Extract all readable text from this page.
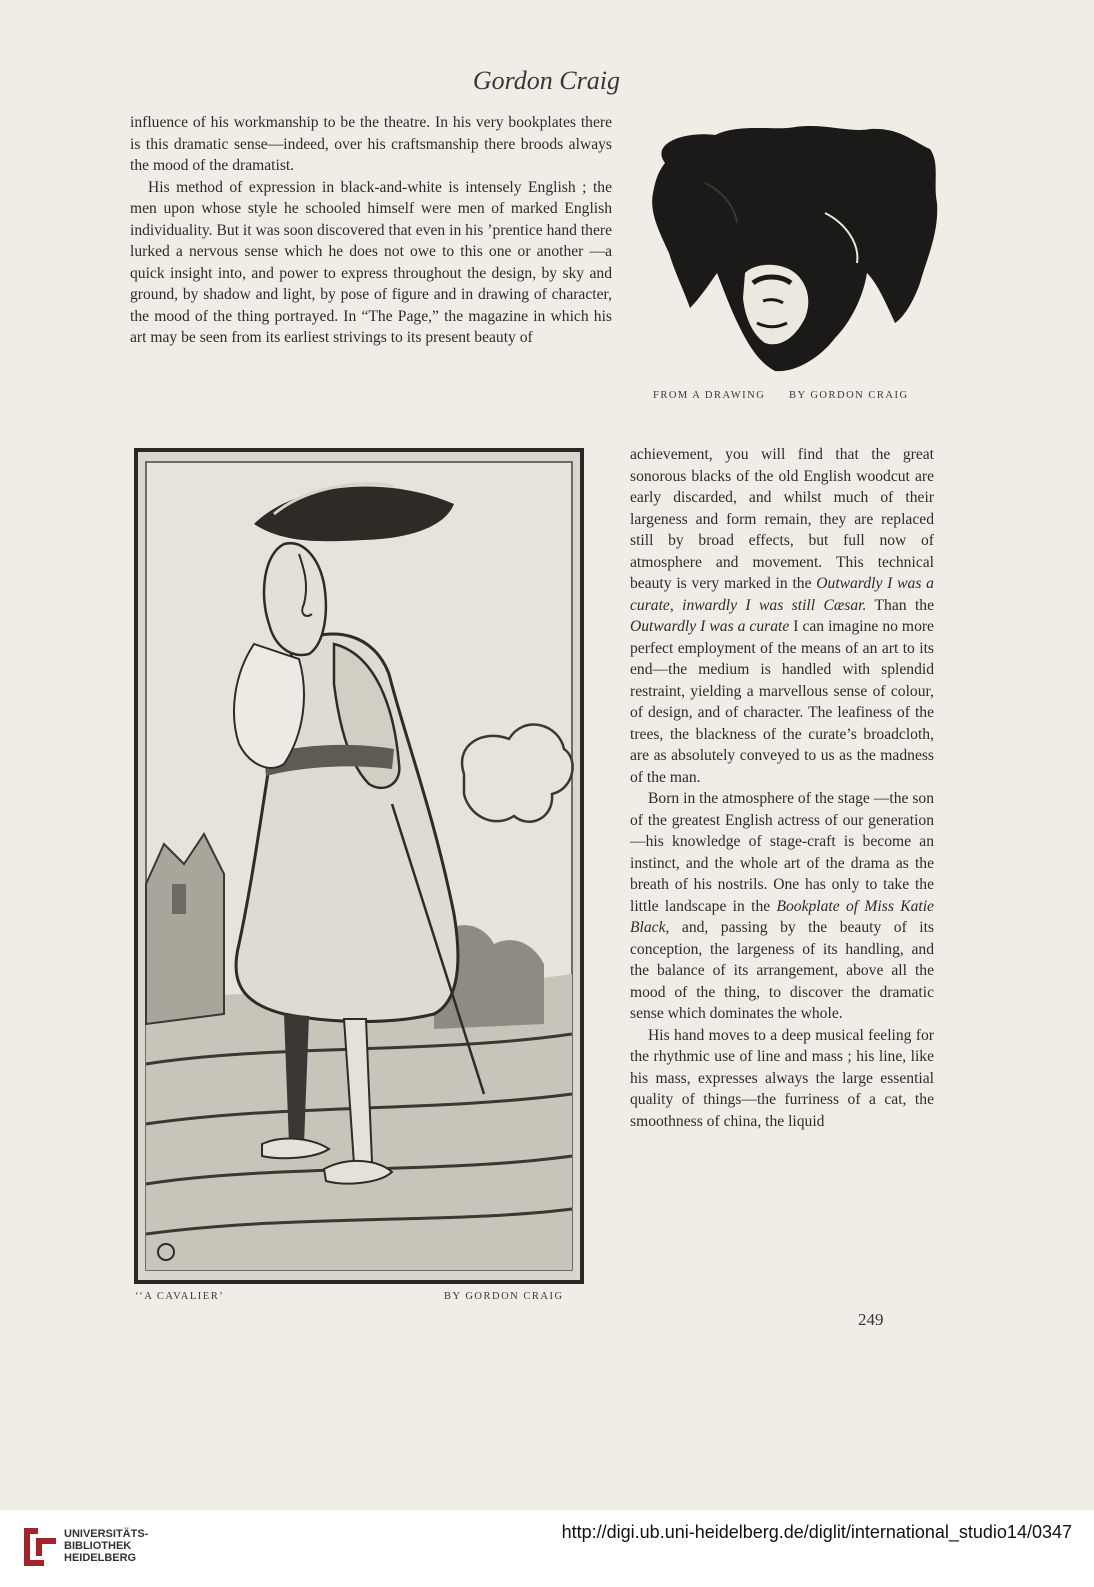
Gordon Craig

influence of his workmanship to be the theatre. In his very bookplates there is this dramatic sense—indeed, over his craftsmanship there broods always the mood of the dramatist.

His method of expression in black-and-white is intensely English ; the men upon whose style he schooled himself were men of marked English individuality. But it was soon discovered that even in his ’prentice hand there lurked a nervous sense which he does not owe to this one or another —a quick insight into, and power to express throughout the design, by sky and ground, by shadow and light, by pose of figure and in drawing of character, the mood of the thing portrayed. In “The Page,” the magazine in which his art may be seen from its earliest strivings to its present beauty of

FROM A DRAWING BY GORDON CRAIG
‘‘A CAVALIER’	BY GORDON CRAIG

achievement, you will find that the great sonorous blacks of the old English woodcut are early discarded, and whilst much of their largeness and form remain, they are replaced still by broad effects, but full now of atmosphere and movement. This technical beauty is very marked in the Outwardly I was a curate, inwardly I was still Cæsar. Than the Outwardly I was a curate I can imagine no more perfect employment of the means of an art to its end—the medium is handled with splendid restraint, yielding a marvellous sense of colour, of design, and of character. The leafiness of the trees, the blackness of the curate’s broadcloth, are as absolutely conveyed to us as the madness of the man.

Born in the atmosphere of the stage —the son of the greatest English actress of our generation—his knowledge of stage-craft is become an instinct, and the whole art of the drama as the breath of his nostrils. One has only to take the little landscape in the Bookplate of Miss Katie Black, and, passing by the beauty of its conception, the largeness of its handling, and the balance of its arrangement, above all the mood of the thing, to discover the dramatic sense which dominates the whole.

His hand moves to a deep musical feeling for the rhythmic use of line and mass ; his line, like his mass, expresses always the large essential quality of things—the furriness of a cat, the smoothness of china, the liquid

249
UNIVERSITÄTS-
BIBLIOTHEK
HEIDELBERG
http://digi.ub.uni-heidelberg.de/diglit/international_studio14/0347
